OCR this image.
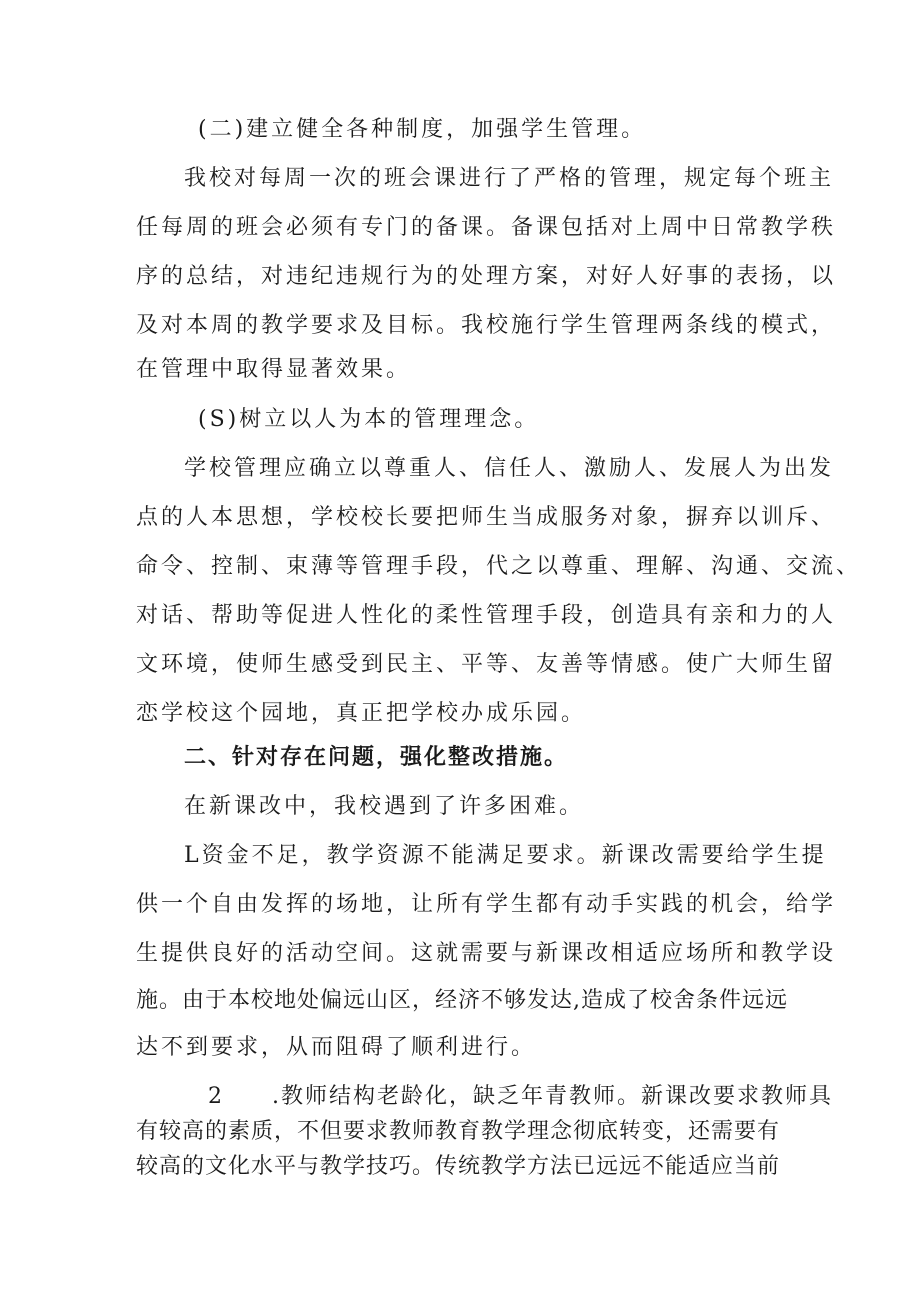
(二)建立健全各种制度，加强学生管理。
我校对每周一次的班会课进行了严格的管理，规定每个班主
任每周的班会必须有专门的备课。备课包括对上周中日常教学秩
序的总结，对违纪违规行为的处理方案，对好人好事的表扬，以
及对本周的教学要求及目标。我校施行学生管理两条线的模式，
在管理中取得显著效果。
(S)树立以人为本的管理理念。
学校管理应确立以尊重人、信任人、激励人、发展人为出发
点的人本思想，学校校长要把师生当成服务对象，摒弃以训斥、
命令、控制、束薄等管理手段，代之以尊重、理解、沟通、交流、
对话、帮助等促进人性化的柔性管理手段，创造具有亲和力的人
文环境，使师生感受到民主、平等、友善等情感。使广大师生留
恋学校这个园地，真正把学校办成乐园。
二、针对存在问题，强化整改措施。
在新课改中，我校遇到了许多困难。
L资金不足，教学资源不能满足要求。新课改需要给学生提
供一个自由发挥的场地，让所有学生都有动手实践的机会，给学
生提供良好的活动空间。这就需要与新课改相适应场所和教学设
施。由于本校地处偏远山区，经济不够发达,造成了校舍条件远远
达不到要求，从而阻碍了顺利进行。
2 .教师结构老龄化，缺乏年青教师。新课改要求教师具
有较高的素质，不但要求教师教育教学理念彻底转变，还需要有
较高的文化水平与教学技巧。传统教学方法已远远不能适应当前
